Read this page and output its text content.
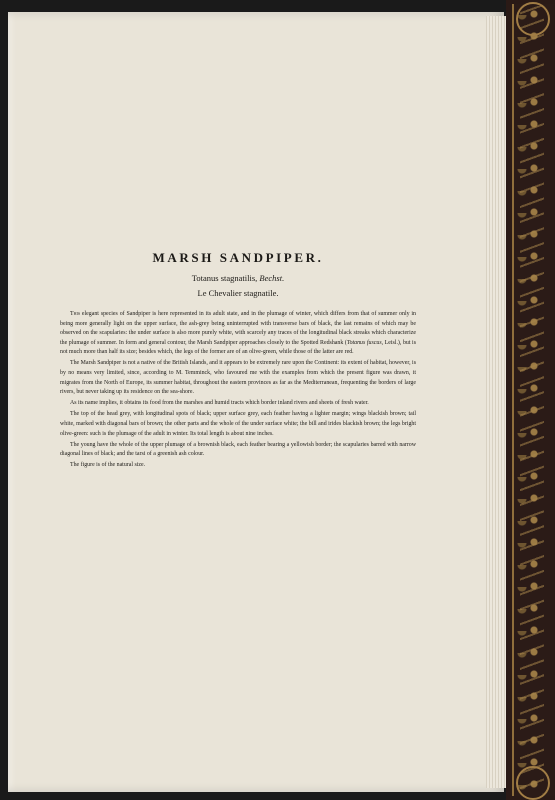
MARSH SANDPIPER.

Totanus stagnatilis, Bechst.

Le Chevalier stagnatile.

This elegant species of Sandpiper is here represented in its adult state, and in the plumage of winter, which differs from that of summer only in being more generally light on the upper surface, the ash-grey being uninterrupted with transverse bars of black, the last remains of which may be observed on the scapularies: the under surface is also more purely white, with scarcely any traces of the longitudinal black streaks which characterize the plumage of summer. In form and general contour, the Marsh Sandpiper approaches closely to the Spotted Redshank (Totanus fuscus, Leisl.), but is not much more than half its size; besides which, the legs of the former are of an olive-green, while those of the latter are red.

The Marsh Sandpiper is not a native of the British Islands, and it appears to be extremely rare upon the Continent: its extent of habitat, however, is by no means very limited, since, according to M. Temminck, who favoured me with the examples from which the present figure was drawn, it migrates from the North of Europe, its summer habitat, throughout the eastern provinces as far as the Mediterranean, frequenting the borders of large rivers, but never taking up its residence on the sea-shore.

As its name implies, it obtains its food from the marshes and humid tracts which border inland rivers and sheets of fresh water.

The top of the head grey, with longitudinal spots of black; upper surface grey, each feather having a lighter margin; wings blackish brown; tail white, marked with diagonal bars of brown; the other parts and the whole of the under surface white; the bill and irides blackish brown; the legs bright olive-green: such is the plumage of the adult in winter. Its total length is about nine inches.

The young have the whole of the upper plumage of a brownish black, each feather bearing a yellowish border; the scapularies barred with narrow diagonal lines of black; and the tarsi of a greenish ash colour.

The figure is of the natural size.
